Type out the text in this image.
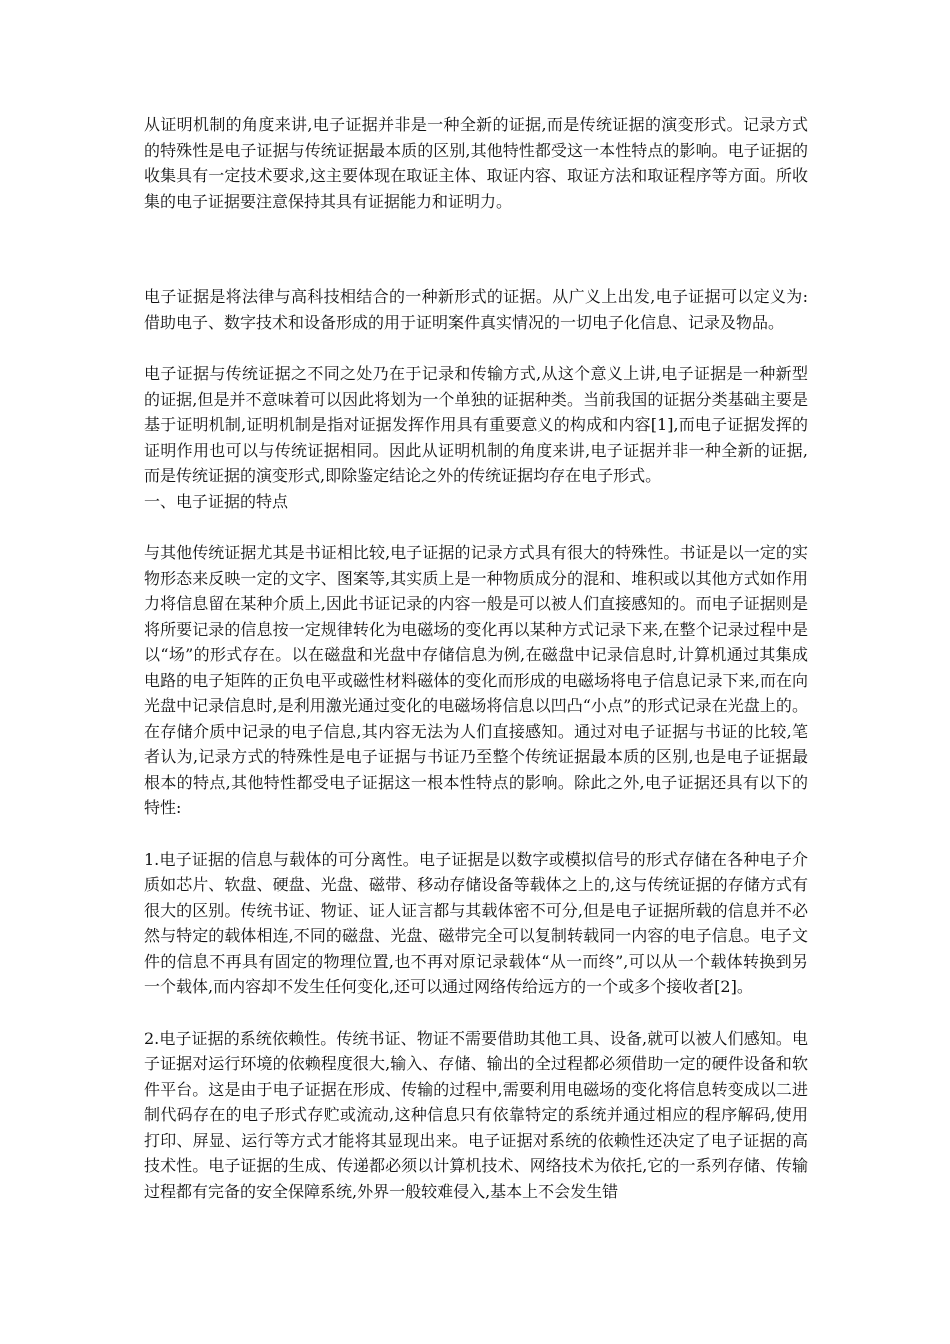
从证明机制的角度来讲,电子证据并非是一种全新的证据,而是传统证据的演变形式。记录方式的特殊性是电子证据与传统证据最本质的区别,其他特性都受这一本性特点的影响。电子证据的收集具有一定技术要求,这主要体现在取证主体、取证内容、取证方法和取证程序等方面。所收集的电子证据要注意保持其具有证据能力和证明力。

电子证据是将法律与高科技相结合的一种新形式的证据。从广义上出发,电子证据可以定义为:借助电子、数字技术和设备形成的用于证明案件真实情况的一切电子化信息、记录及物品。

电子证据与传统证据之不同之处乃在于记录和传输方式,从这个意义上讲,电子证据是一种新型的证据,但是并不意味着可以因此将划为一个单独的证据种类。当前我国的证据分类基础主要是基于证明机制,证明机制是指对证据发挥作用具有重要意义的构成和内容[1],而电子证据发挥的证明作用也可以与传统证据相同。因此从证明机制的角度来讲,电子证据并非一种全新的证据,而是传统证据的演变形式,即除鉴定结论之外的传统证据均存在电子形式。

一、电子证据的特点

与其他传统证据尤其是书证相比较,电子证据的记录方式具有很大的特殊性。书证是以一定的实物形态来反映一定的文字、图案等,其实质上是一种物质成分的混和、堆积或以其他方式如作用力将信息留在某种介质上,因此书证记录的内容一般是可以被人们直接感知的。而电子证据则是将所要记录的信息按一定规律转化为电磁场的变化再以某种方式记录下来,在整个记录过程中是以“场”的形式存在。以在磁盘和光盘中存储信息为例,在磁盘中记录信息时,计算机通过其集成电路的电子矩阵的正负电平或磁性材料磁体的变化而形成的电磁场将电子信息记录下来,而在向光盘中记录信息时,是利用激光通过变化的电磁场将信息以凹凸“小点”的形式记录在光盘上的。在存储介质中记录的电子信息,其内容无法为人们直接感知。通过对电子证据与书证的比较,笔者认为,记录方式的特殊性是电子证据与书证乃至整个传统证据最本质的区别,也是电子证据最根本的特点,其他特性都受电子证据这一根本性特点的影响。除此之外,电子证据还具有以下的特性:

1.电子证据的信息与载体的可分离性。电子证据是以数字或模拟信号的形式存储在各种电子介质如芯片、软盘、硬盘、光盘、磁带、移动存储设备等载体之上的,这与传统证据的存储方式有很大的区别。传统书证、物证、证人证言都与其载体密不可分,但是电子证据所载的信息并不必然与特定的载体相连,不同的磁盘、光盘、磁带完全可以复制转载同一内容的电子信息。电子文件的信息不再具有固定的物理位置,也不再对原记录载体“从一而终”,可以从一个载体转换到另一个载体,而内容却不发生任何变化,还可以通过网络传给远方的一个或多个接收者[2]。

2.电子证据的系统依赖性。传统书证、物证不需要借助其他工具、设备,就可以被人们感知。电子证据对运行环境的依赖程度很大,输入、存储、输出的全过程都必须借助一定的硬件设备和软件平台。这是由于电子证据在形成、传输的过程中,需要利用电磁场的变化将信息转变成以二进制代码存在的电子形式存贮或流动,这种信息只有依靠特定的系统并通过相应的程序解码,使用打印、屏显、运行等方式才能将其显现出来。电子证据对系统的依赖性还决定了电子证据的高技术性。电子证据的生成、传递都必须以计算机技术、网络技术为依托,它的一系列存储、传输过程都有完备的安全保障系统,外界一般较难侵入,基本上不会发生错
